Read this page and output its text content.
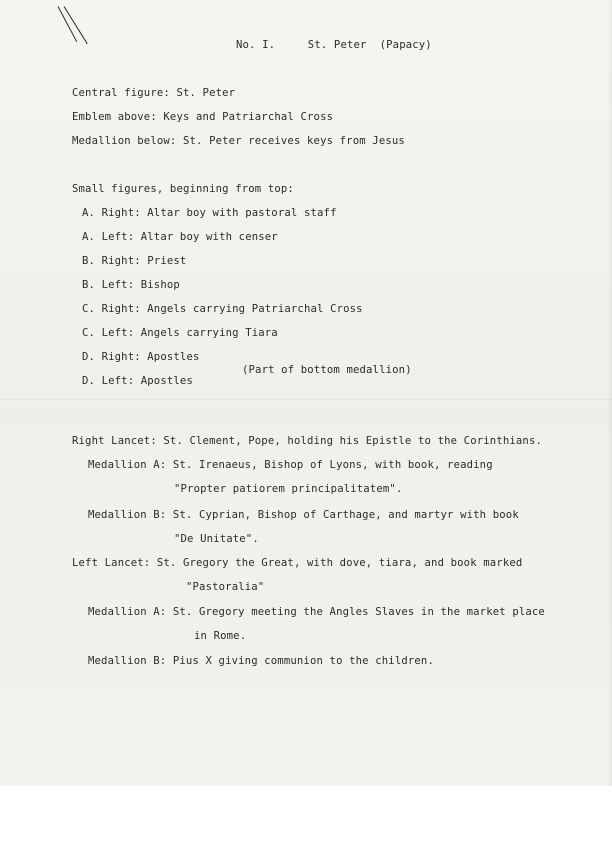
No. I.     St. Peter  (Papacy)
Central figure: St. Peter
Emblem above: Keys and Patriarchal Cross
Medallion below: St. Peter receives keys from Jesus
Small figures, beginning from top:
A. Right: Altar boy with pastoral staff
A. Left: Altar boy with censer
B. Right: Priest
B. Left: Bishop
C. Right: Angels carrying Patriarchal Cross
C. Left: Angels carrying Tiara
D. Right: Apostles
D. Left: Apostles
(Part of bottom medallion)
Right Lancet: St. Clement, Pope, holding his Epistle to the Corinthians.
Medallion A: St. Irenaeus, Bishop of Lyons, with book, reading
"Propter patiorem principalitatem".
Medallion B: St. Cyprian, Bishop of Carthage, and martyr with book
"De Unitate".
Left Lancet: St. Gregory the Great, with dove, tiara, and book marked
"Pastoralia"
Medallion A: St. Gregory meeting the Angles Slaves in the market place
in Rome.
Medallion B: Pius X giving communion to the children.
